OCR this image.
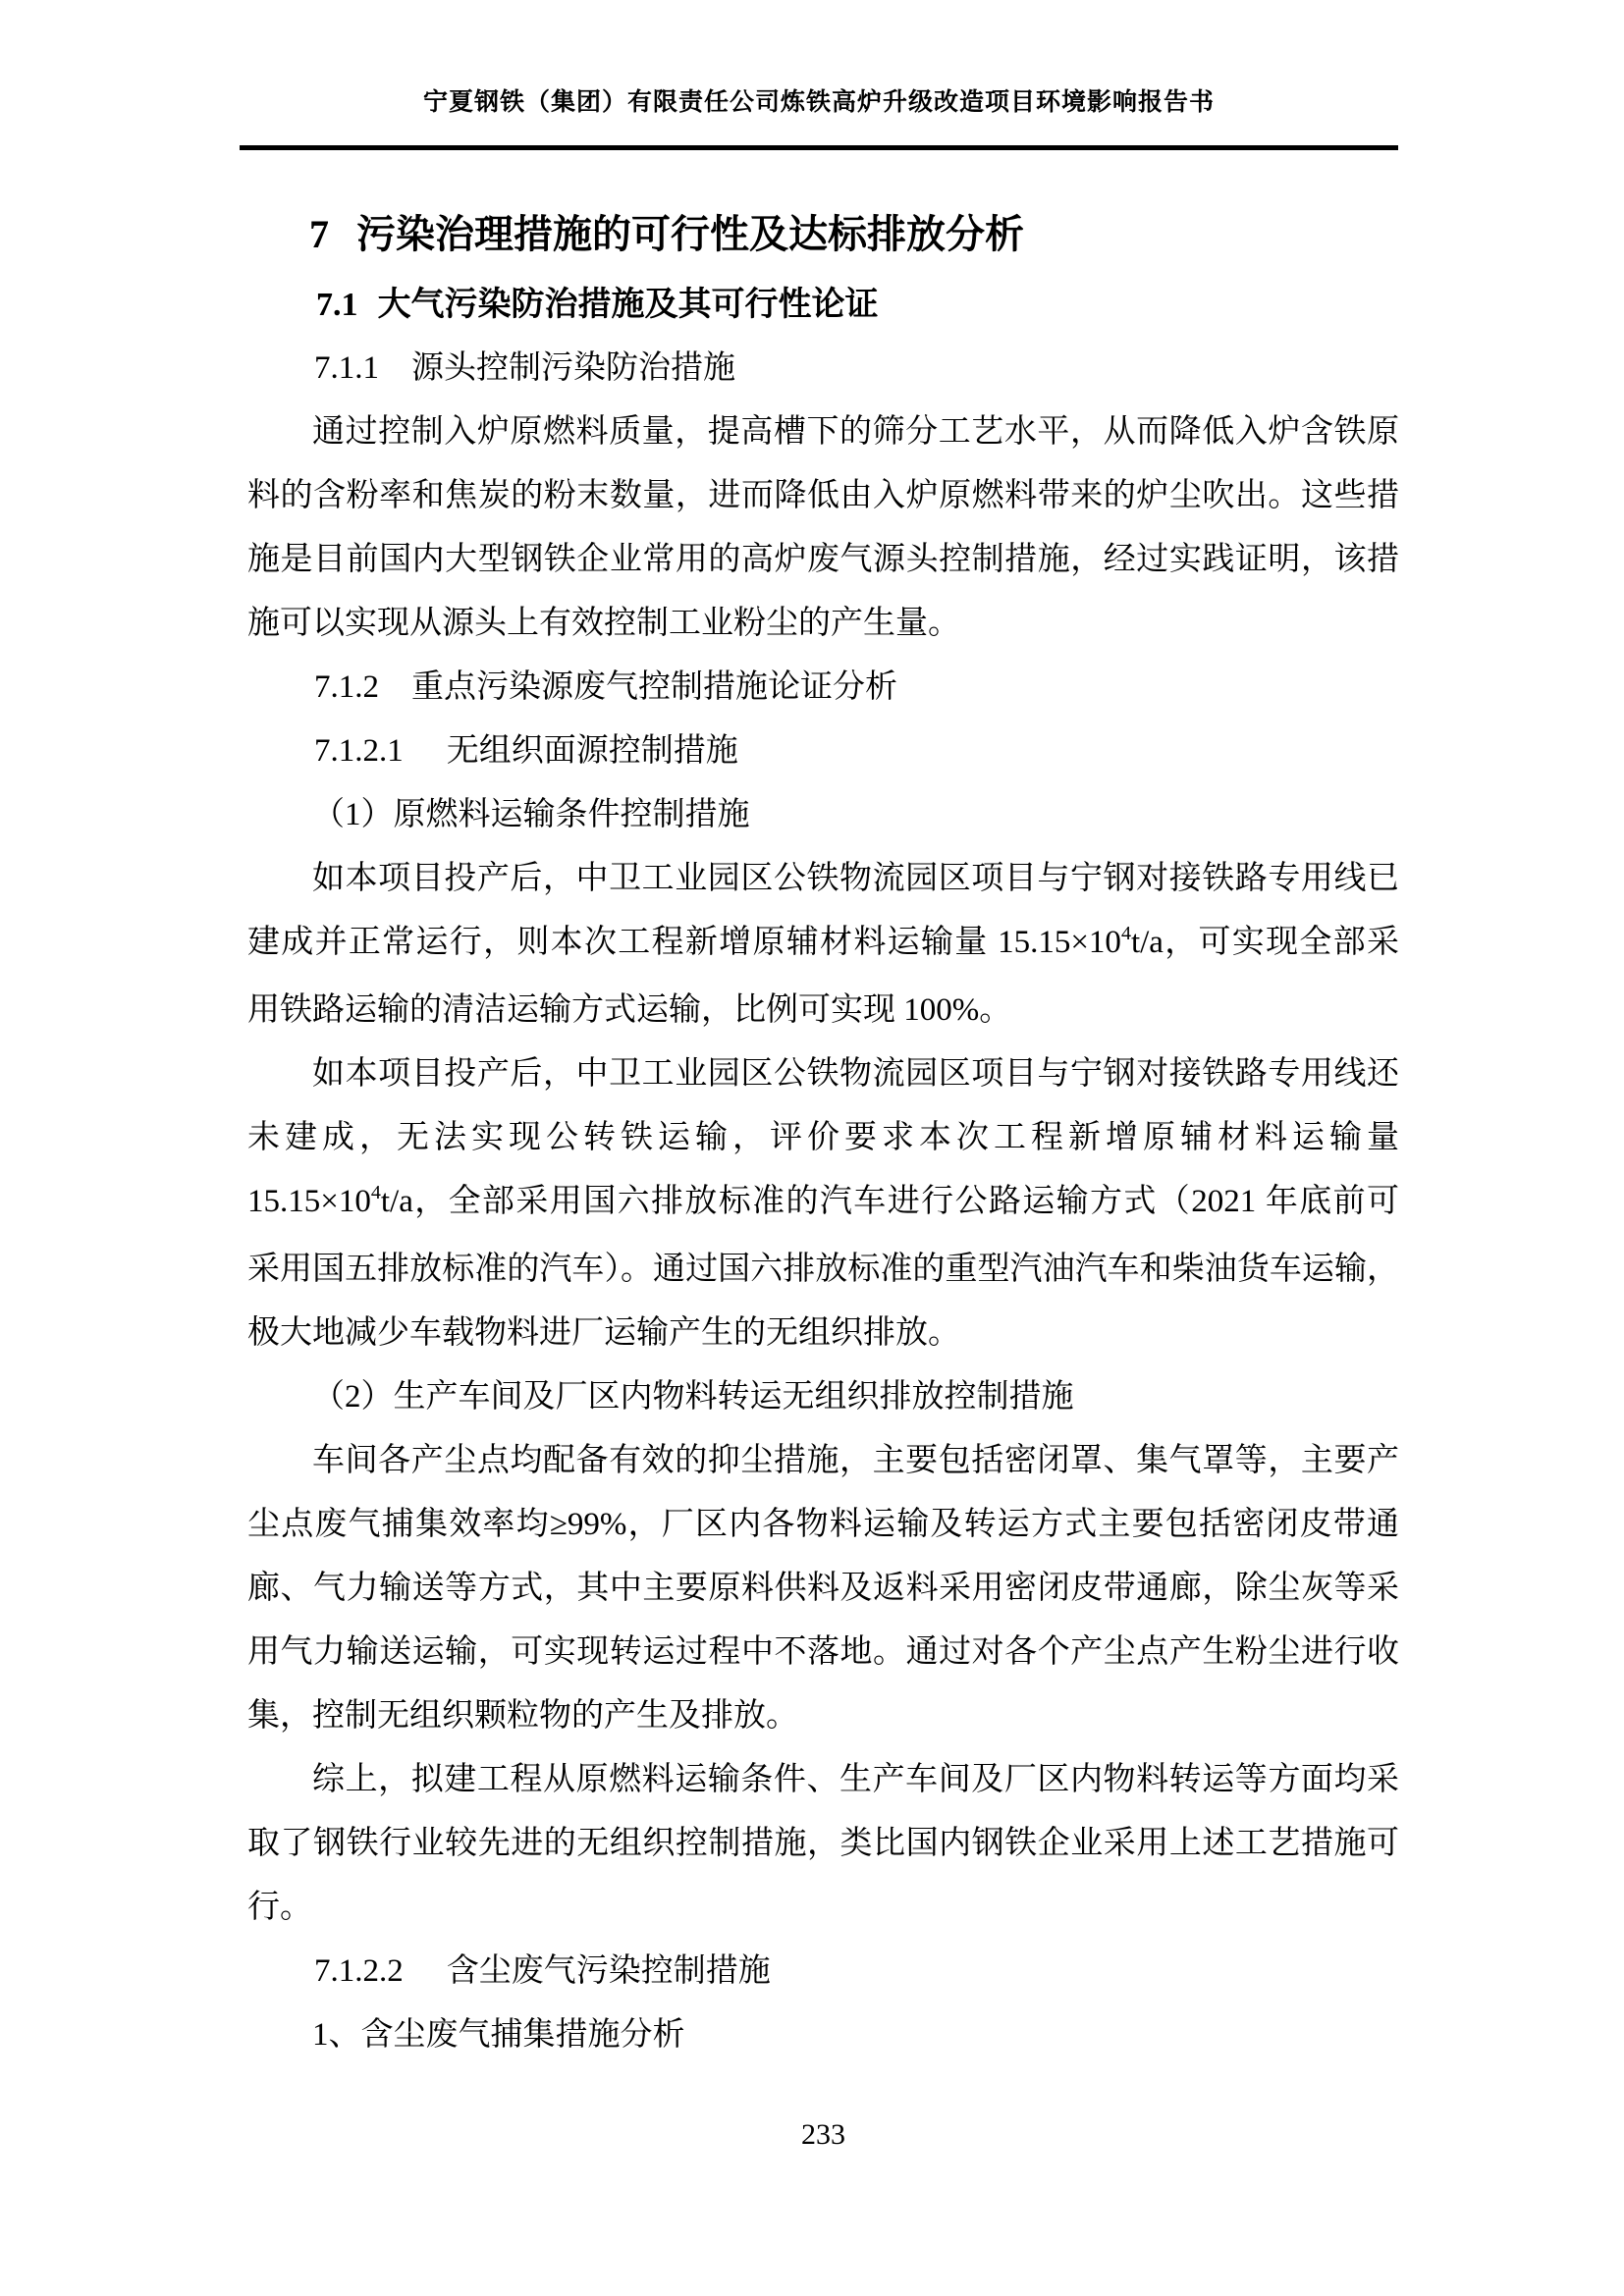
宁夏钢铁（集团）有限责任公司炼铁高炉升级改造项目环境影响报告书
7 污染治理措施的可行性及达标排放分析
7.1 大气污染防治措施及其可行性论证
7.1.1 源头控制污染防治措施
通过控制入炉原燃料质量，提高槽下的筛分工艺水平，从而降低入炉含铁原
料的含粉率和焦炭的粉末数量，进而降低由入炉原燃料带来的炉尘吹出。这些措
施是目前国内大型钢铁企业常用的高炉废气源头控制措施，经过实践证明，该措
施可以实现从源头上有效控制工业粉尘的产生量。
7.1.2 重点污染源废气控制措施论证分析
7.1.2.1 无组织面源控制措施
（1）原燃料运输条件控制措施
如本项目投产后，中卫工业园区公铁物流园区项目与宁钢对接铁路专用线已
建成并正常运行，则本次工程新增原辅材料运输量 $15.15\times 10^4t/a$，可实现全部采
用铁路运输的清洁运输方式运输，比例可实现 100%。
如本项目投产后，中卫工业园区公铁物流园区项目与宁钢对接铁路专用线还
未建成，无法实现公转铁运输，评价要求本次工程新增原辅材料运输量
$15.15\times 10^4t/a$，全部采用国六排放标准的汽车进行公路运输方式（2021 年底前可
采用国五排放标准的汽车）。通过国六排放标准的重型汽油汽车和柴油货车运输，
极大地减少车载物料进厂运输产生的无组织排放。
（2）生产车间及厂区内物料转运无组织排放控制措施
车间各产尘点均配备有效的抑尘措施，主要包括密闭罩、集气罩等，主要产
尘点废气捕集效率均≥99%，厂区内各物料运输及转运方式主要包括密闭皮带通
廊、气力输送等方式，其中主要原料供料及返料采用密闭皮带通廊，除尘灰等采
用气力输送运输，可实现转运过程中不落地。通过对各个产尘点产生粉尘进行收
集，控制无组织颗粒物的产生及排放。
综上，拟建工程从原燃料运输条件、生产车间及厂区内物料转运等方面均采
取了钢铁行业较先进的无组织控制措施，类比国内钢铁企业采用上述工艺措施可
行。
7.1.2.2 含尘废气污染控制措施
1、含尘废气捕集措施分析
233
